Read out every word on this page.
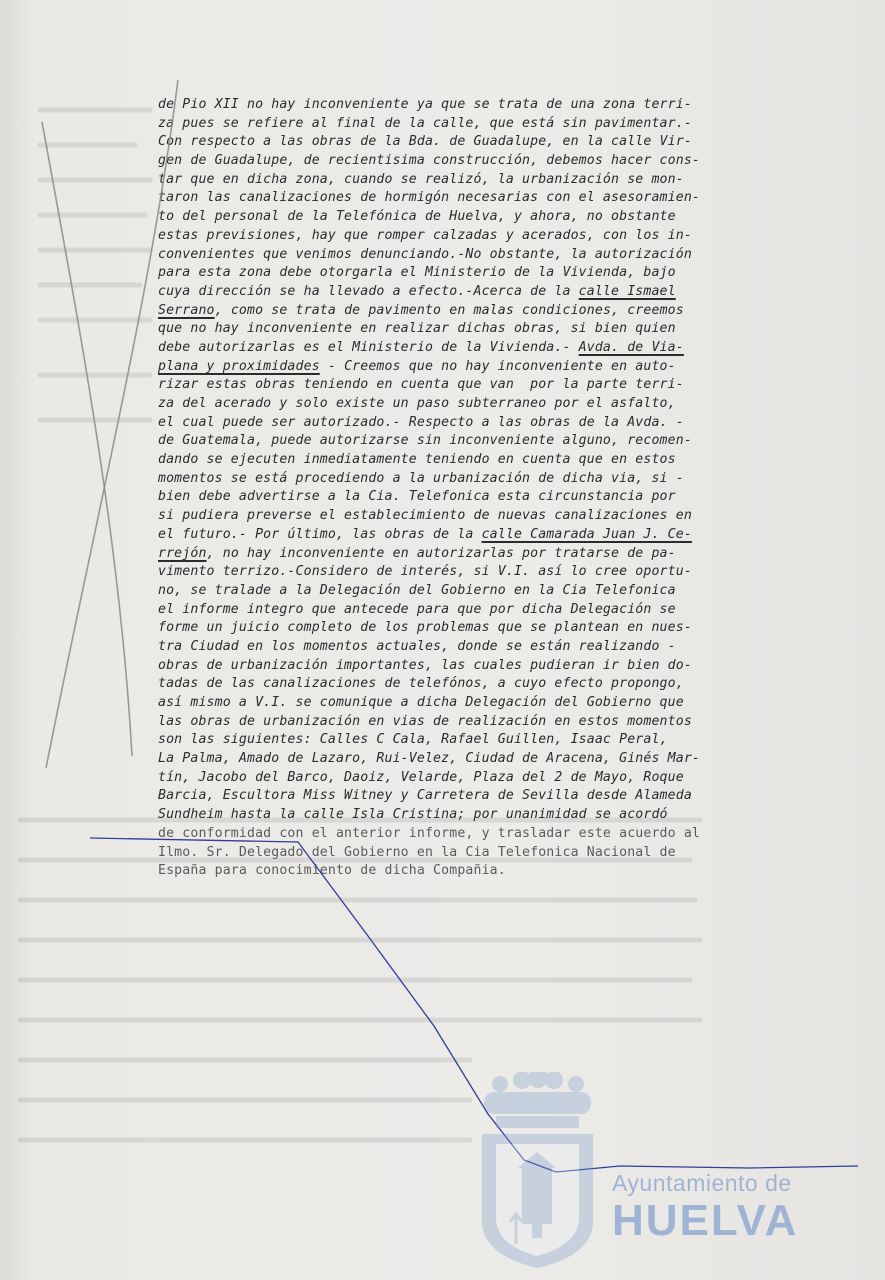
de Pio XII no hay inconveniente ya que se trata de una zona terri-
za pues se refiere al final de la calle, que está sin pavimentar.-
Con respecto a las obras de la Bda. de Guadalupe, en la calle Vir-
gen de Guadalupe, de recientisima construcción, debemos hacer cons-
tar que en dicha zona, cuando se realizó, la urbanización se mon-
taron las canalizaciones de hormigón necesarias con el asesoramien-
to del personal de la Telefónica de Huelva, y ahora, no obstante
estas previsiones, hay que romper calzadas y acerados, con los in-
convenientes que venimos denunciando.-No obstante, la autorización
para esta zona debe otorgarla el Ministerio de la Vivienda, bajo
cuya dirección se ha llevado a efecto.-Acerca de la calle Ismael
Serrano, como se trata de pavimento en malas condiciones, creemos
que no hay inconveniente en realizar dichas obras, si bien quien
debe autorizarlas es el Ministerio de la Vivienda.- Avda. de Via-
plana y proximidades - Creemos que no hay inconveniente en auto-
rizar estas obras teniendo en cuenta que van  por la parte terri-
za del acerado y solo existe un paso subterraneo por el asfalto,
el cual puede ser autorizado.- Respecto a las obras de la Avda. -
de Guatemala, puede autorizarse sin inconveniente alguno, recomen-
dando se ejecuten inmediatamente teniendo en cuenta que en estos
momentos se está procediendo a la urbanización de dicha via, si -
bien debe advertirse a la Cia. Telefonica esta circunstancia por
si pudiera preverse el establecimiento de nuevas canalizaciones en
el futuro.- Por último, las obras de la calle Camarada Juan J. Ce-
rrejón, no hay inconveniente en autorizarlas por tratarse de pa-
vimento terrizo.-Considero de interés, si V.I. así lo cree oportu-
no, se tralade a la Delegación del Gobierno en la Cia Telefonica
el informe integro que antecede para que por dicha Delegación se
forme un juicio completo de los problemas que se plantean en nues-
tra Ciudad en los momentos actuales, donde se están realizando -
obras de urbanización importantes, las cuales pudieran ir bien do-
tadas de las canalizaciones de telefónos, a cuyo efecto propongo,
así mismo a V.I. se comunique a dicha Delegación del Gobierno que
las obras de urbanización en vias de realización en estos momentos
son las siguientes: Calles C Cala, Rafael Guillen, Isaac Peral,
La Palma, Amado de Lazaro, Rui-Velez, Ciudad de Aracena, Ginés Mar-
tín, Jacobo del Barco, Daoiz, Velarde, Plaza del 2 de Mayo, Roque
Barcia, Escultora Miss Witney y Carretera de Sevilla desde Alameda
Sundheim hasta la calle Isla Cristina; por unanimidad se acordó
de conformidad con el anterior informe, y trasladar este acuerdo al
Ilmo. Sr. Delegado del Gobierno en la Cia Telefonica Nacional de
España para conocimiento de dicha Compañia.
Ayuntamiento de
HUELVA
